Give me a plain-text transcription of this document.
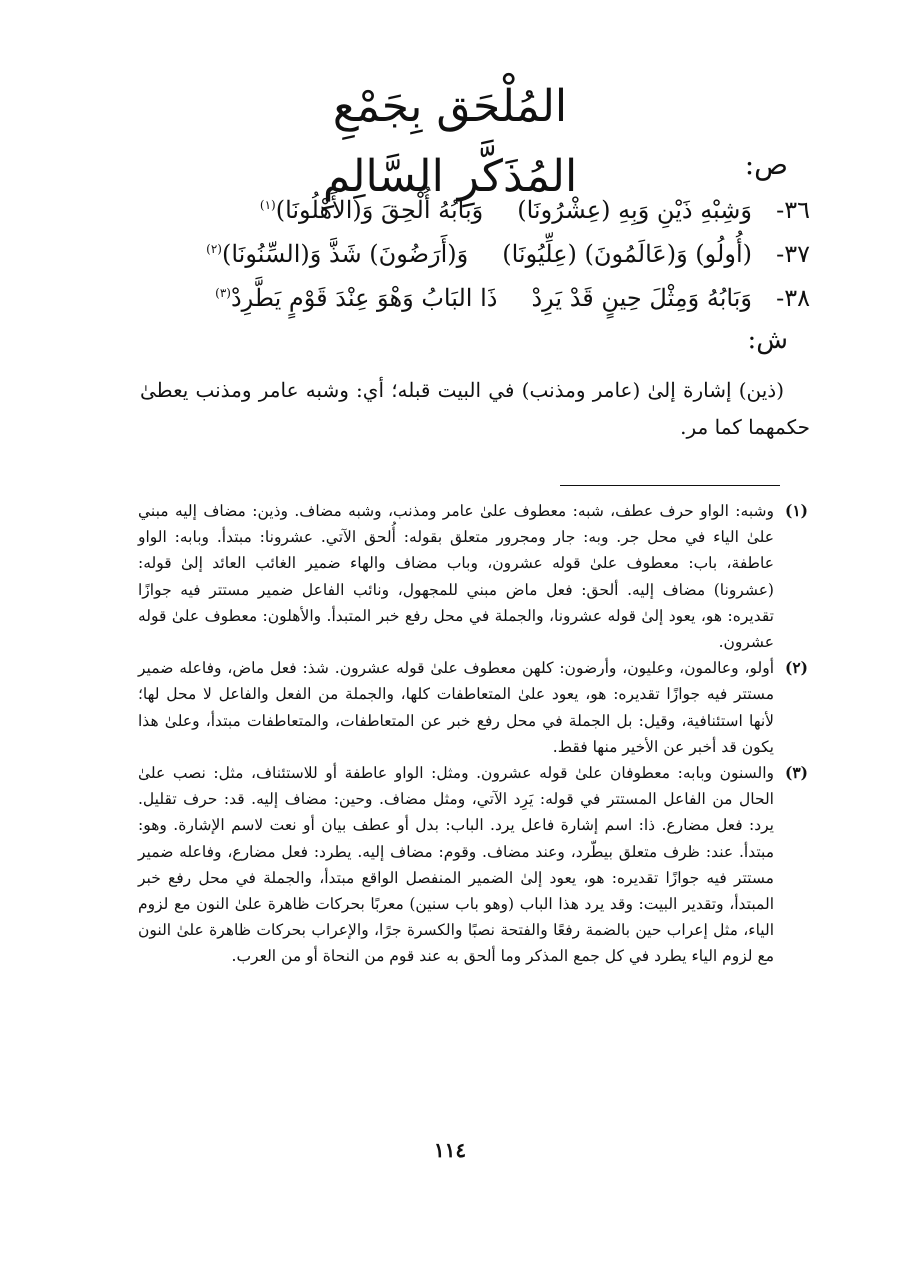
المُلْحَق بِجَمْعِ المُذَكَّرِ السَّالِمِ	ص:
٣٦-
وَشِبْهِ ذَيْنِ وَبِهِ (عِشْرُونَا)
وَبَابُهُ أُلْحِقَ وَ(الأَهْلُونَا)$^{(١)}$
٣٧-
(أُولُو) وَ(عَالَمُونَ) (عِلِّيُونَا)
وَ(أَرَضُونَ) شَذَّ وَ(السِّنُونَا)$^{(٢)}$
٣٨-
وَبَابُهُ وَمِثْلَ حِينٍ قَدْ يَرِدْ
ذَا البَابُ وَهْوَ عِنْدَ قَوْمٍ يَطَّرِدْ$^{(٣)}$
ش:
(ذين) إشارة إلىٰ (عامر ومذنب) في البيت قبله؛ أي: وشبه عامر ومذنب يعطىٰ حكمهما كما مر.
(١)
وشبه: الواو حرف عطف، شبه: معطوف علىٰ عامر ومذنب، وشبه مضاف. وذين: مضاف إليه مبني علىٰ الياء في محل جر. وبه: جار ومجرور متعلق بقوله: أُلحق الآتي. عشرونا: مبتدأ. وبابه: الواو عاطفة، باب: معطوف علىٰ قوله عشرون، وباب مضاف والهاء ضمير الغائب العائد إلىٰ قوله: (عشرونا) مضاف إليه. ألحق: فعل ماض مبني للمجهول، ونائب الفاعل ضمير مستتر فيه جوازًا تقديره: هو، يعود إلىٰ قوله عشرونا، والجملة في محل رفع خبر المتبدأ. والأهلون: معطوف علىٰ قوله عشرون.
(٢)
أولو، وعالمون، وعليون، وأرضون: كلهن معطوف علىٰ قوله عشرون. شذ: فعل ماض، وفاعله ضمير مستتر فيه جوازًا تقديره: هو، يعود علىٰ المتعاطفات كلها، والجملة من الفعل والفاعل لا محل لها؛ لأنها استئنافية، وقيل: بل الجملة في محل رفع خبر عن المتعاطفات، والمتعاطفات مبتدأ، وعلىٰ هذا يكون قد أخبر عن الأخير منها فقط.
(٣)
والسنون وبابه: معطوفان علىٰ قوله عشرون. ومثل: الواو عاطفة أو للاستئناف، مثل: نصب علىٰ الحال من الفاعل المستتر في قوله: يَرِد الآتي، ومثل مضاف. وحين: مضاف إليه. قد: حرف تقليل. يرد: فعل مضارع. ذا: اسم إشارة فاعل يرد. الباب: بدل أو عطف بيان أو نعت لاسم الإشارة. وهو: مبتدأ. عند: ظرف متعلق بيطّرد، وعند مضاف. وقوم: مضاف إليه. يطرد: فعل مضارع، وفاعله ضمير مستتر فيه جوازًا تقديره: هو، يعود إلىٰ الضمير المنفصل الواقع مبتدأ، والجملة في محل رفع خبر المبتدأ، وتقدير البيت: وقد يرد هذا الباب (وهو باب سنين) معربًا بحركات ظاهرة علىٰ النون مع لزوم الياء، مثل إعراب حين بالضمة رفعًا والفتحة نصبًا والكسرة جرًا، والإعراب بحركات ظاهرة علىٰ النون مع لزوم الياء يطرد في كل جمع المذكر وما ألحق به عند قوم من النحاة أو من العرب.
١١٤
